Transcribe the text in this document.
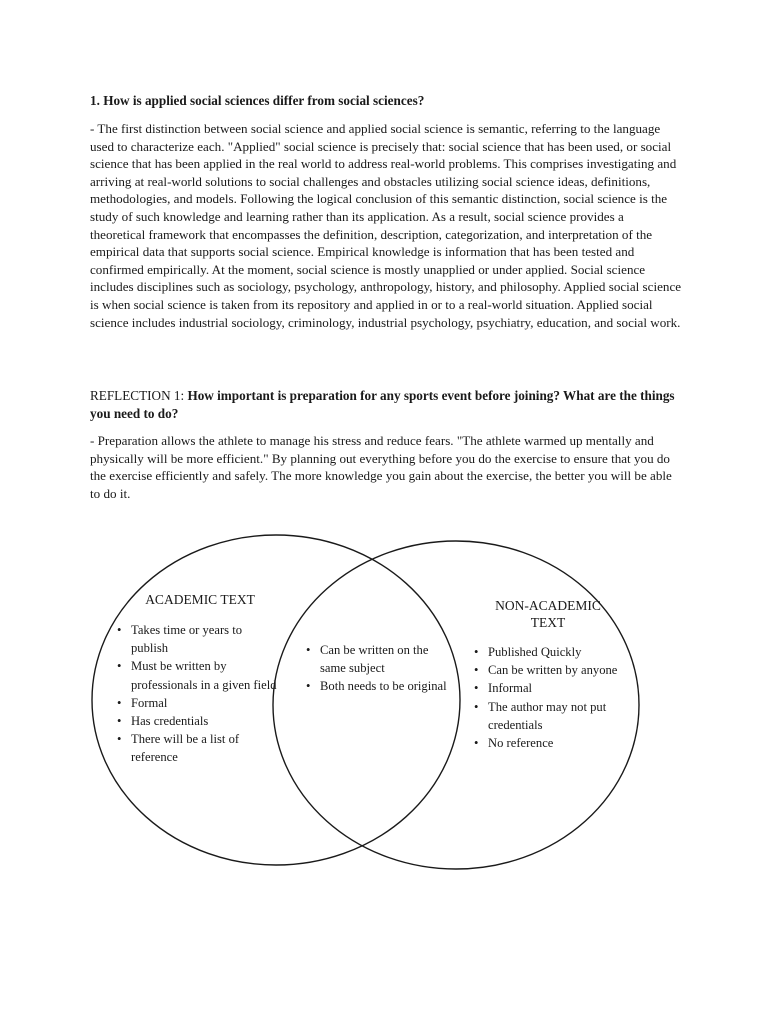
1. How is applied social sciences differ from social sciences?

- The first distinction between social science and applied social science is semantic, referring to the language used to characterize each. "Applied" social science is precisely that: social science that has been used, or social science that has been applied in the real world to address real-world problems. This comprises investigating and arriving at real-world solutions to social challenges and obstacles utilizing social science ideas, definitions, methodologies, and models. Following the logical conclusion of this semantic distinction, social science is the study of such knowledge and learning rather than its application. As a result, social science provides a theoretical framework that encompasses the definition, description, categorization, and interpretation of the empirical data that supports social science. Empirical knowledge is information that has been tested and confirmed empirically. At the moment, social science is mostly unapplied or under applied. Social science includes disciplines such as sociology, psychology, anthropology, history, and philosophy. Applied social science is when social science is taken from its repository and applied in or to a real-world situation. Applied social science includes industrial sociology, criminology, industrial psychology, psychiatry, education, and social work.

REFLECTION 1: How important is preparation for any sports event before joining? What are the things you need to do?

- Preparation allows the athlete to manage his stress and reduce fears. "The athlete warmed up mentally and physically will be more efficient." By planning out everything before you do the exercise to ensure that you do the exercise efficiently and safely. The more knowledge you gain about the exercise, the better you will be able to do it.

ACADEMIC TEXT	NON-ACADEMIC TEXT

• Takes time or years to publish
• Must be written by professionals in a given field
• Formal
• Has credentials
• There will be a list of reference
• Can be written on the same subject
• Both needs to be original
• Published Quickly
• Can be written by anyone
• Informal
• The author may not put credentials
• No reference
